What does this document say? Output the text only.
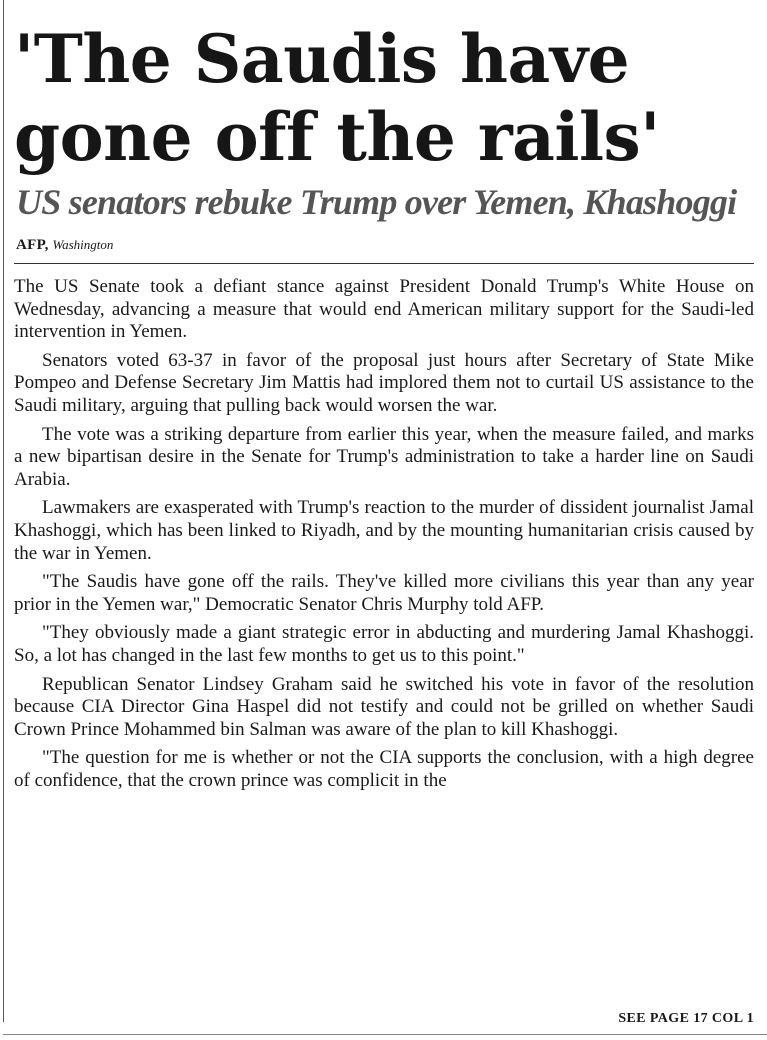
'The Saudis have gone off the rails'
US senators rebuke Trump over Yemen, Khashoggi
AFP, Washington

The US Senate took a defiant stance against President Donald Trump's White House on Wednesday, advancing a measure that would end American military support for the Saudi-led intervention in Yemen.

Senators voted 63-37 in favor of the proposal just hours after Secretary of State Mike Pompeo and Defense Secretary Jim Mattis had implored them not to curtail US assistance to the Saudi military, arguing that pulling back would worsen the war.

The vote was a striking departure from earlier this year, when the measure failed, and marks a new bipartisan desire in the Senate for Trump's administration to take a harder line on Saudi Arabia.

Lawmakers are exasperated with Trump's reaction to the murder of dissident journalist Jamal Khashoggi, which has been linked to Riyadh, and by the mounting humanitarian crisis caused by the war in Yemen.

"The Saudis have gone off the rails. They've killed more civilians this year than any year prior in the Yemen war," Democratic Senator Chris Murphy told AFP.

"They obviously made a giant strategic error in abducting and murdering Jamal Khashoggi. So, a lot has changed in the last few months to get us to this point."

Republican Senator Lindsey Graham said he switched his vote in favor of the resolution because CIA Director Gina Haspel did not testify and could not be grilled on whether Saudi Crown Prince Mohammed bin Salman was aware of the plan to kill Khashoggi.

"The question for me is whether or not the CIA supports the conclusion, with a high degree of confidence, that the crown prince was complicit in the

SEE PAGE 17 COL 1
